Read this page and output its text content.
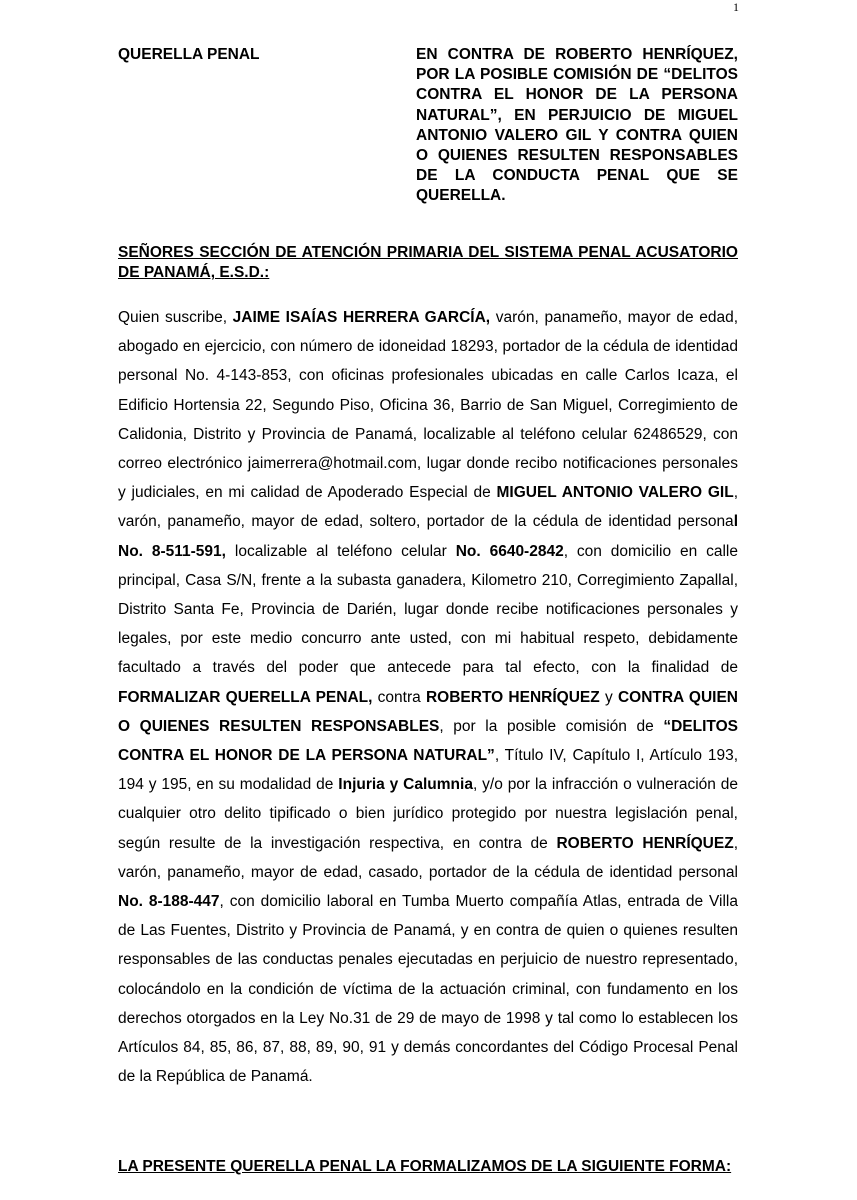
1
QUERELLA PENAL	EN CONTRA DE ROBERTO HENRÍQUEZ, POR LA POSIBLE COMISIÓN DE “DELITOS CONTRA EL HONOR DE LA PERSONA NATURAL”, EN PERJUICIO DE MIGUEL ANTONIO VALERO GIL Y CONTRA QUIEN O QUIENES RESULTEN RESPONSABLES DE LA CONDUCTA PENAL QUE SE QUERELLA.
SEÑORES SECCIÓN DE ATENCIÓN PRIMARIA DEL SISTEMA PENAL ACUSATORIO DE PANAMÁ, E.S.D.:
Quien suscribe, JAIME ISAÍAS HERRERA GARCÍA, varón, panameño, mayor de edad, abogado en ejercicio, con número de idoneidad 18293, portador de la cédula de identidad personal No. 4-143-853, con oficinas profesionales ubicadas en calle Carlos Icaza, el Edificio Hortensia 22, Segundo Piso, Oficina 36, Barrio de San Miguel, Corregimiento de Calidonia, Distrito y Provincia de Panamá, localizable al teléfono celular 62486529, con correo electrónico jaimerrera@hotmail.com, lugar donde recibo notificaciones personales y judiciales, en mi calidad de Apoderado Especial de MIGUEL ANTONIO VALERO GIL, varón, panameño, mayor de edad, soltero, portador de la cédula de identidad personal No. 8-511-591, localizable al teléfono celular No. 6640-2842, con domicilio en calle principal, Casa S/N, frente a la subasta ganadera, Kilometro 210, Corregimiento Zapallal, Distrito Santa Fe, Provincia de Darién, lugar donde recibe notificaciones personales y legales, por este medio concurro ante usted, con mi habitual respeto, debidamente facultado a través del poder que antecede para tal efecto, con la finalidad de FORMALIZAR QUERELLA PENAL, contra ROBERTO HENRÍQUEZ y CONTRA QUIEN O QUIENES RESULTEN RESPONSABLES, por la posible comisión de “DELITOS CONTRA EL HONOR DE LA PERSONA NATURAL”, Título IV, Capítulo I, Artículo 193, 194 y 195, en su modalidad de Injuria y Calumnia, y/o por la infracción o vulneración de cualquier otro delito tipificado o bien jurídico protegido por nuestra legislación penal, según resulte de la investigación respectiva, en contra de ROBERTO HENRÍQUEZ, varón, panameño, mayor de edad, casado, portador de la cédula de identidad personal No. 8-188-447, con domicilio laboral en Tumba Muerto compañía Atlas, entrada de Villa de Las Fuentes, Distrito y Provincia de Panamá, y en contra de quien o quienes resulten responsables de las conductas penales ejecutadas en perjuicio de nuestro representado, colocándolo en la condición de víctima de la actuación criminal, con fundamento en los derechos otorgados en la Ley No.31 de 29 de mayo de 1998 y tal como lo establecen los Artículos 84, 85, 86, 87, 88, 89, 90, 91 y demás concordantes del Código Procesal Penal de la República de Panamá.
LA PRESENTE QUERELLA PENAL LA FORMALIZAMOS DE LA SIGUIENTE FORMA:
